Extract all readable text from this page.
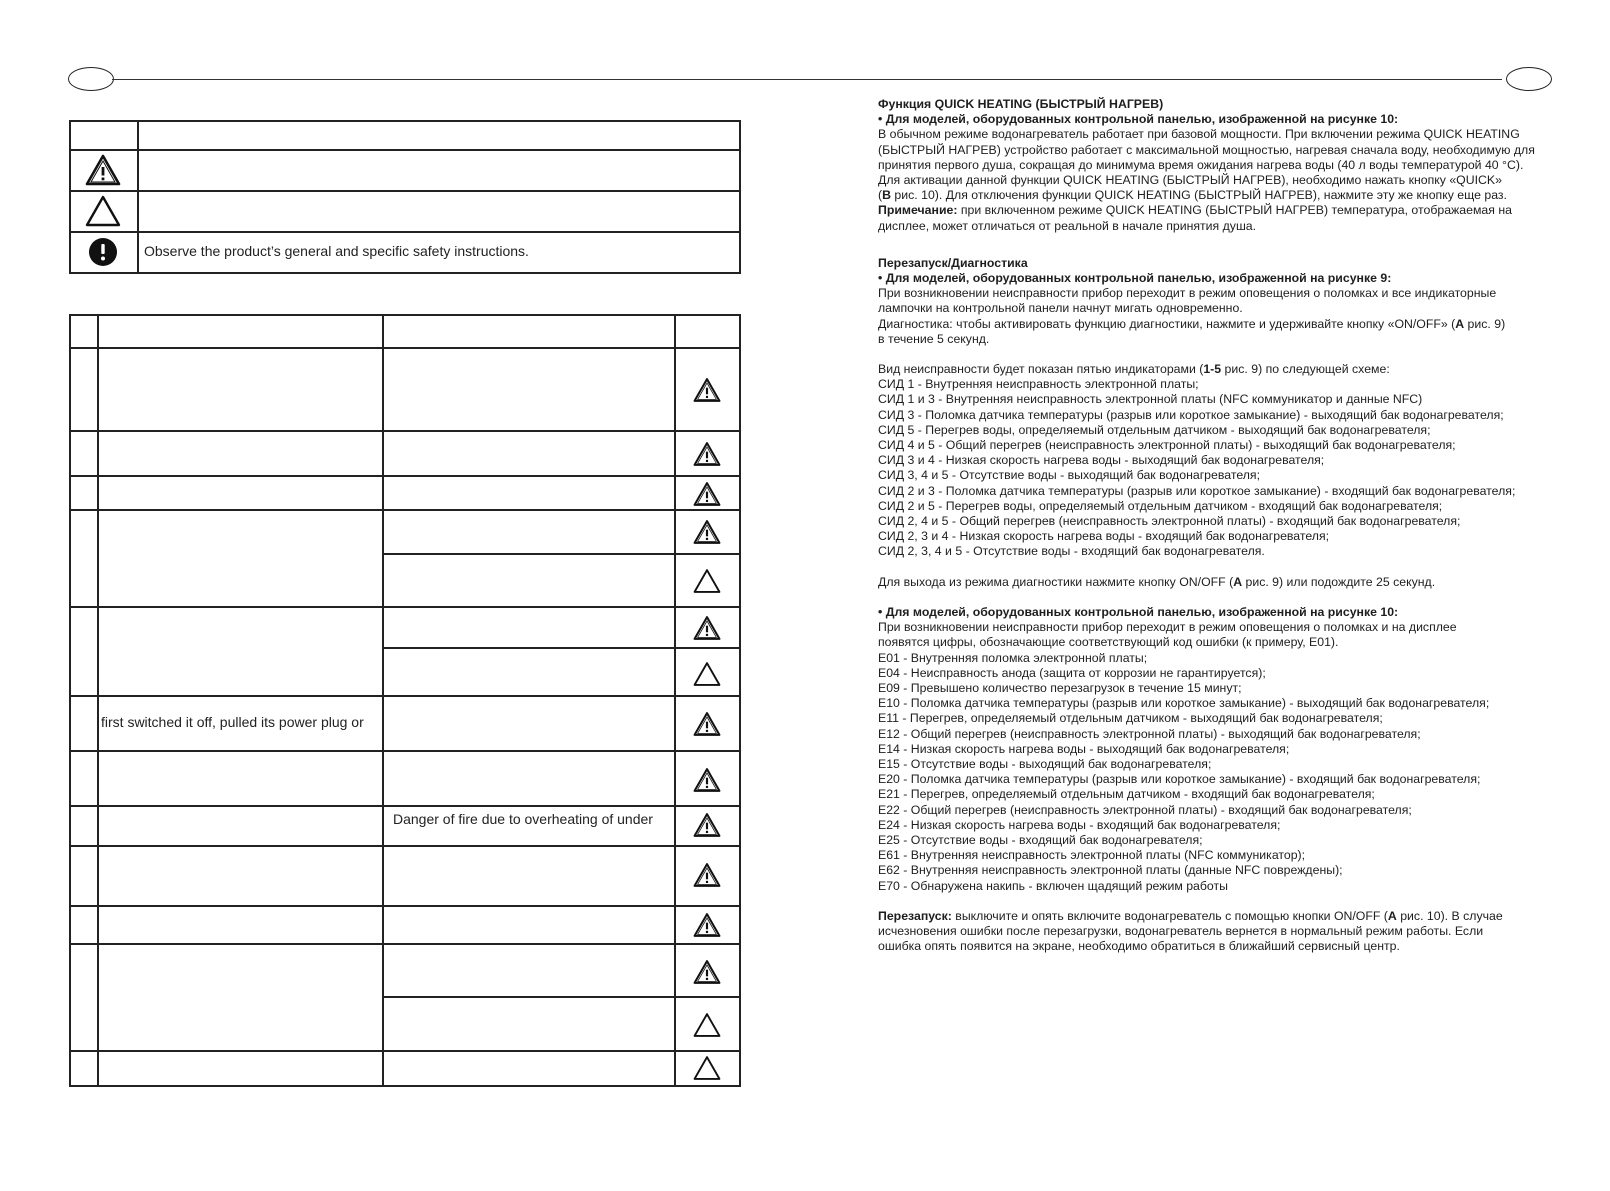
Observe the product’s general and specific safety instructions.
first switched it off, pulled its power plug or
Danger of fire due to overheating of under

Функция QUICK HEATING (БЫСТРЫЙ НАГРЕВ)

• Для моделей, оборудованных контрольной панелью, изображенной на рисунке 10:

В обычном режиме водонагреватель работает при базовой мощности. При включении режима QUICK HEATING

(БЫСТРЫЙ НАГРЕВ) устройство работает с максимальной мощностью, нагревая сначала воду, необходимую для

принятия первого душа, сокращая до минимума время ожидания нагрева воды (40 л воды температурой 40 °C).

Для активации данной функции QUICK HEATING (БЫСТРЫЙ НАГРЕВ), необходимо нажать кнопку «QUICK»

(B рис. 10). Для отключения функции QUICK HEATING (БЫСТРЫЙ НАГРЕВ), нажмите эту же кнопку еще раз.

Примечание: при включенном режиме QUICK HEATING (БЫСТРЫЙ НАГРЕВ) температура, отображаемая на

дисплее, может отличаться от реальной в начале принятия душа.

Перезапуск/Диагностика

• Для моделей, оборудованных контрольной панелью, изображенной на рисунке 9:

При возникновении неисправности прибор переходит в режим оповещения о поломках и все индикаторные

лампочки на контрольной панели начнут мигать одновременно.

Диагностика: чтобы активировать функцию диагностики, нажмите и удерживайте кнопку «ON/OFF» (A рис. 9)

в течение 5 секунд.

Вид неисправности будет показан пятью индикаторами (1-5 рис. 9) по следующей схеме:

СИД 1 - Внутренняя неисправность электронной платы;

СИД 1 и 3 - Внутренняя неисправность электронной платы (NFC коммуникатор и данные NFC)

СИД 3 - Поломка датчика температуры (разрыв или короткое замыкание) - выходящий бак водонагревателя;

СИД 5 - Перегрев воды, определяемый отдельным датчиком - выходящий бак водонагревателя;

СИД 4 и 5 - Общий перегрев (неисправность электронной платы) - выходящий бак водонагревателя;

СИД 3 и 4 - Низкая скорость нагрева воды - выходящий бак водонагревателя;

СИД 3, 4 и 5 - Отсутствие воды - выходящий бак водонагревателя;

СИД 2 и 3 - Поломка датчика температуры (разрыв или короткое замыкание) - входящий бак водонагревателя;

СИД 2 и 5 - Перегрев воды, определяемый отдельным датчиком - входящий бак водонагревателя;

СИД 2, 4 и 5 - Общий перегрев (неисправность электронной платы) - входящий бак водонагревателя;

СИД 2, 3 и 4 - Низкая скорость нагрева воды - входящий бак водонагревателя;

СИД 2, 3, 4 и 5 - Отсутствие воды - входящий бак водонагревателя.

Для выхода из режима диагностики нажмите кнопку ON/OFF (A рис. 9) или подождите 25 секунд.

• Для моделей, оборудованных контрольной панелью, изображенной на рисунке 10:

При возникновении неисправности прибор переходит в режим оповещения о поломках и на дисплее

появятся цифры, обозначающие соответствующий код ошибки (к примеру, E01).

E01 - Внутренняя поломка электронной платы;

E04 - Неисправность анода (защита от коррозии не гарантируется);

E09 - Превышено количество перезагрузок в течение 15 минут;

E10 - Поломка датчика температуры (разрыв или короткое замыкание) - выходящий бак водонагревателя;

E11 - Перегрев, определяемый отдельным датчиком - выходящий бак водонагревателя;

E12 - Общий перегрев (неисправность электронной платы) - выходящий бак водонагревателя;

E14 - Низкая скорость нагрева воды - выходящий бак водонагревателя;

E15 - Отсутствие воды - выходящий бак водонагревателя;

E20 - Поломка датчика температуры (разрыв или короткое замыкание) - входящий бак водонагревателя;

E21 - Перегрев, определяемый отдельным датчиком - входящий бак водонагревателя;

E22 - Общий перегрев (неисправность электронной платы) - входящий бак водонагревателя;

E24 - Низкая скорость нагрева воды - входящий бак водонагревателя;

E25 - Отсутствие воды - входящий бак водонагревателя;

E61 - Внутренняя неисправность электронной платы (NFC коммуникатор);

E62 - Внутренняя неисправность электронной платы (данные NFC повреждены);

E70 - Обнаружена накипь - включен щадящий режим работы

Перезапуск: выключите и опять включите водонагреватель с помощью кнопки ON/OFF (A рис. 10). В случае

исчезновения ошибки после перезагрузки, водонагреватель вернется в нормальный режим работы. Если

ошибка опять появится на экране, необходимо обратиться в ближайший сервисный центр.
